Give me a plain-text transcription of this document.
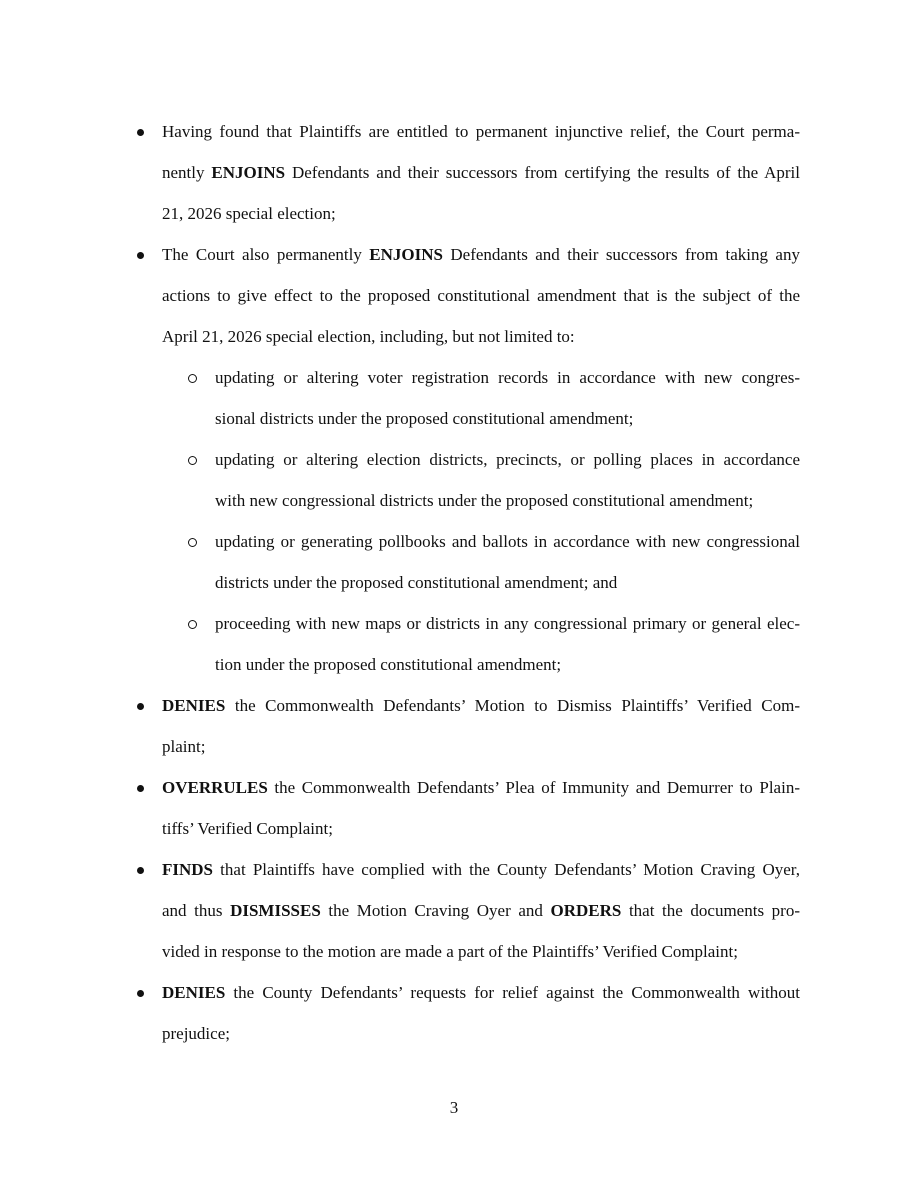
Having found that Plaintiffs are entitled to permanent injunctive relief, the Court perma-
nently ENJOINS Defendants and their successors from certifying the results of the April
21, 2026 special election;
The Court also permanently ENJOINS Defendants and their successors from taking any
actions to give effect to the proposed constitutional amendment that is the subject of the
April 21, 2026 special election, including, but not limited to:
updating or altering voter registration records in accordance with new congres-
sional districts under the proposed constitutional amendment;
updating or altering election districts, precincts, or polling places in accordance
with new congressional districts under the proposed constitutional amendment;
updating or generating pollbooks and ballots in accordance with new congressional
districts under the proposed constitutional amendment; and
proceeding with new maps or districts in any congressional primary or general elec-
tion under the proposed constitutional amendment;
DENIES the Commonwealth Defendants’ Motion to Dismiss Plaintiffs’ Verified Com-
plaint;
OVERRULES the Commonwealth Defendants’ Plea of Immunity and Demurrer to Plain-
tiffs’ Verified Complaint;
FINDS that Plaintiffs have complied with the County Defendants’ Motion Craving Oyer,
and thus DISMISSES the Motion Craving Oyer and ORDERS that the documents pro-
vided in response to the motion are made a part of the Plaintiffs’ Verified Complaint;
DENIES the County Defendants’ requests for relief against the Commonwealth without
prejudice;
3
